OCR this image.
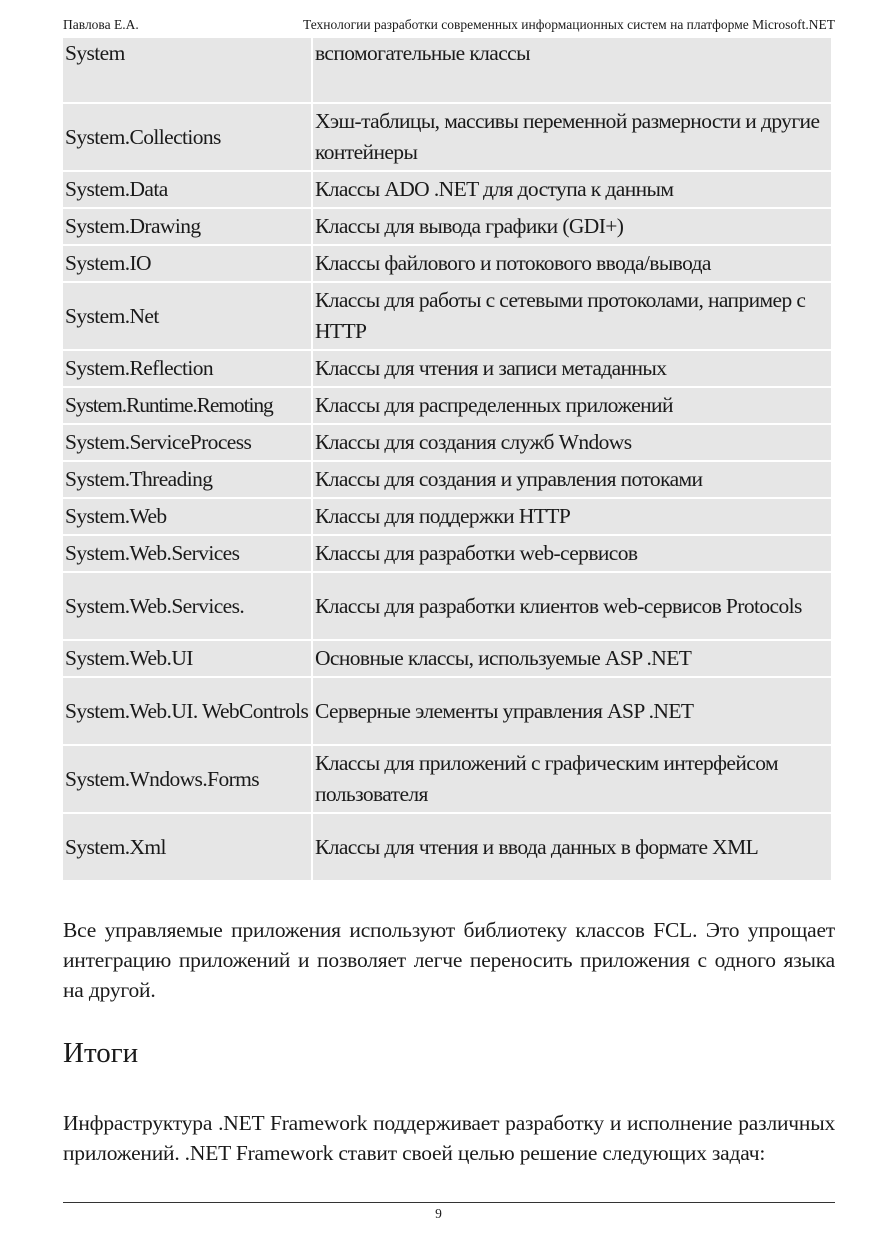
Павлова Е.А.	Технологии разработки современных информационных систем на платформе Microsoft.NET
System	вспомогательные классы
System.Collections	Хэш-таблицы, массивы переменной размерности и другие контейнеры
System.Data	Классы ADO .NET для доступа к данным
System.Drawing	Классы для вывода графики (GDI+)
System.IO	Классы файлового и потокового ввода/вывода
System.Net	Классы для работы с сетевыми протоколами, например с HTTP
System.Reflection	Классы для чтения и записи метаданных
System.Runtime.Remoting	Классы для распределенных приложений
System.ServiceProcess	Классы для создания служб Wndows
System.Threading	Классы для создания и управления потоками
System.Web	Классы для поддержки HTTP
System.Web.Services	Классы для разработки web-сервисов
System.Web.Services.	Классы для разработки клиентов web-сервисов Protocols
System.Web.UI	Основные классы, используемые ASP .NET
System.Web.UI. WebControls	Серверные элементы управления ASP .NET
System.Wndows.Forms	Классы для приложений с графическим интерфейсом пользователя
System.Xml	Классы для чтения и ввода данных в формате XML
Все управляемые приложения используют библиотеку классов FCL. Это упрощает интеграцию приложений и позволяет легче переносить приложения с одного языка на другой.
Итоги
Инфраструктура .NET Framework поддерживает разработку и исполнение различных приложений. .NET Framework ставит своей целью решение следующих задач:
9
